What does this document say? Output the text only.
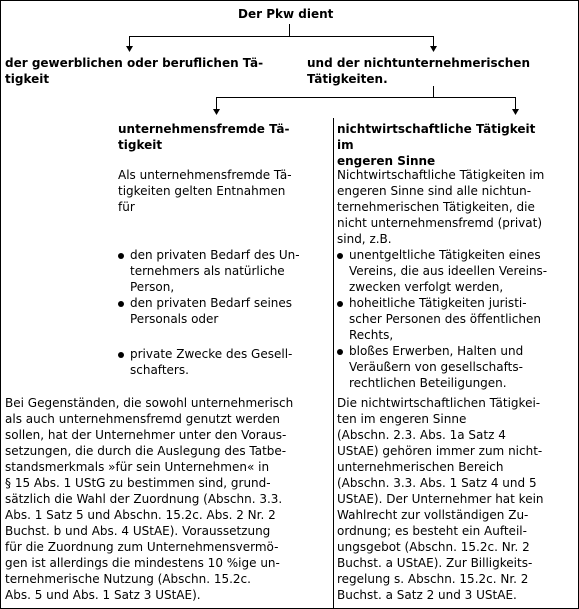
Der Pkw dient
der gewerblichen oder beruflichen Tä-
tigkeit
und der nichtunternehmerischen
Tätigkeiten.
unternehmensfremde Tä-
tigkeit
Als unternehmensfremde Tä-
tigkeiten gelten Entnahmen
für
den privaten Bedarf des Un-
ternehmers als natürliche
Person,
den privaten Bedarf seines
Personals oder
private Zwecke des Gesell-
schafters.
Bei Gegenständen, die sowohl unternehmerisch
als auch unternehmensfremd genutzt werden
sollen, hat der Unternehmer unter den Voraus-
setzungen, die durch die Auslegung des Tatbe-
standsmerkmals »für sein Unternehmen« in
§ 15 Abs. 1 UStG zu bestimmen sind, grund-
sätzlich die Wahl der Zuordnung (Abschn. 3.3.
Abs. 1 Satz 5 und Abschn. 15.2c. Abs. 2 Nr. 2
Buchst. b und Abs. 4 UStAE). Voraussetzung
für die Zuordnung zum Unternehmensvermö-
gen ist allerdings die mindestens 10 %ige un-
ternehmerische Nutzung (Abschn. 15.2c.
Abs. 5 und Abs. 1 Satz 3 UStAE).
nichtwirtschaftliche Tätigkeit
im
engeren Sinne
Nichtwirtschaftliche Tätigkeiten im
engeren Sinne sind alle nichtun-
ternehmerischen Tätigkeiten, die
nicht unternehmensfremd (privat)
sind, z.B.
unentgeltliche Tätigkeiten eines
Vereins, die aus ideellen Vereins-
zwecken verfolgt werden,
hoheitliche Tätigkeiten juristi-
scher Personen des öffentlichen
Rechts,
bloßes Erwerben, Halten und
Veräußern von gesellschafts-
rechtlichen Beteiligungen.
Die nichtwirtschaftlichen Tätigkei-
ten im engeren Sinne
(Abschn. 2.3. Abs. 1a Satz 4
UStAE) gehören immer zum nicht-
unternehmerischen Bereich
(Abschn. 3.3. Abs. 1 Satz 4 und 5
UStAE). Der Unternehmer hat kein
Wahlrecht zur vollständigen Zu-
ordnung; es besteht ein Aufteil-
ungsgebot (Abschn. 15.2c. Nr. 2
Buchst. a UStAE). Zur Billigkeits-
regelung s. Abschn. 15.2c. Nr. 2
Buchst. a Satz 2 und 3 UStAE.
